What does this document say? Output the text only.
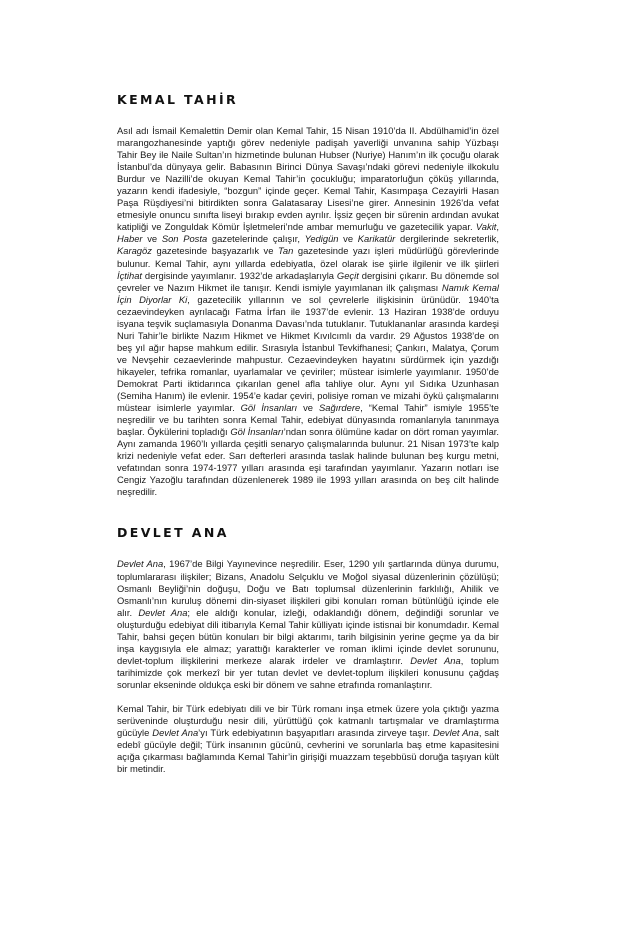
KEMAL TAHİR

Asıl adı İsmail Kemalettin Demir olan Kemal Tahir, 15 Nisan 1910’da II. Abdülhamid’in özel marangozhanesinde yaptığı görev nedeniyle padişah yaverliği unvanına sahip Yüzbaşı Tahir Bey ile Naile Sultan’ın hizmetinde bulunan Hubser (Nuriye) Hanım’ın ilk çocuğu olarak İstanbul’da dünyaya gelir. Babasının Birinci Dünya Savaşı’ndaki görevi nedeniyle ilkokulu Burdur ve Nazilli’de okuyan Kemal Tahir’in çocukluğu; imparatorluğun çöküş yıllarında, yazarın kendi ifadesiyle, “bozgun” içinde geçer. Kemal Tahir, Kasımpaşa Cezayirli Hasan Paşa Rüşdiyesi’ni bitirdikten sonra Galatasaray Lisesi’ne girer. Annesinin 1926’da vefat etmesiyle onuncu sınıfta liseyi bırakıp evden ayrılır. İşsiz geçen bir sürenin ardından avukat katipliği ve Zonguldak Kömür İşletmeleri’nde ambar memurluğu ve gazetecilik yapar. Vakit, Haber ve Son Posta gazetelerinde çalışır, Yedigün ve Karikatür dergilerinde sekreterlik, Karagöz gazetesinde başyazarlık ve Tan gazetesinde yazı işleri müdürlüğü görevlerinde bulunur. Kemal Tahir, aynı yıllarda edebiyatla, özel olarak ise şiirle ilgilenir ve ilk şiirleri İçtihat dergisinde yayımlanır. 1932’de arkadaşlarıyla Geçit dergisini çıkarır. Bu dönemde sol çevreler ve Nazım Hikmet ile tanışır. Kendi ismiyle yayımlanan ilk çalışması Namık Kemal İçin Diyorlar Ki, gazetecilik yıllarının ve sol çevrelerle ilişkisinin ürünüdür. 1940’ta cezaevindeyken ayrılacağı Fatma İrfan ile 1937’de evlenir. 13 Haziran 1938’de orduyu isyana teşvik suçlamasıyla Donanma Davası’nda tutuklanır. Tutuklananlar arasında kardeşi Nuri Tahir’le birlikte Nazım Hikmet ve Hikmet Kıvılcımlı da vardır. 29 Ağustos 1938’de on beş yıl ağır hapse mahkum edilir. Sırasıyla İstanbul Tevkifhanesi; Çankırı, Malatya, Çorum ve Nevşehir cezaevlerinde mahpustur. Cezaevindeyken hayatını sürdürmek için yazdığı hikayeler, tefrika romanlar, uyarlamalar ve çeviriler; müstear isimlerle yayımlanır. 1950’de Demokrat Parti iktidarınca çıkarılan genel afla tahliye olur. Aynı yıl Sıdıka Uzunhasan (Semiha Hanım) ile evlenir. 1954’e kadar çeviri, polisiye roman ve mizahi öykü çalışmalarını müstear isimlerle yayımlar. Göl İnsanları ve Sağırdere, “Kemal Tahir” ismiyle 1955’te neşredilir ve bu tarihten sonra Kemal Tahir, edebiyat dünyasında romanlarıyla tanınmaya başlar. Öykülerini topladığı Göl İnsanları’ndan sonra ölümüne kadar on dört roman yayımlar. Aynı zamanda 1960’lı yıllarda çeşitli senaryo çalışmalarında bulunur. 21 Nisan 1973’te kalp krizi nedeniyle vefat eder. Sarı defterleri arasında taslak halinde bulunan beş kurgu metni, vefatından sonra 1974-1977 yılları arasında eşi tarafından yayımlanır. Yazarın notları ise Cengiz Yazoğlu tarafından düzenlenerek 1989 ile 1993 yılları arasında on beş cilt halinde neşredilir.

DEVLET ANA

Devlet Ana, 1967’de Bilgi Yayınevince neşredilir. Eser, 1290 yılı şartlarında dünya durumu, toplumlararası ilişkiler; Bizans, Anadolu Selçuklu ve Moğol siyasal düzenlerinin çözülüşü; Osmanlı Beyliği’nin doğuşu, Doğu ve Batı toplumsal düzenlerinin farklılığı, Ahilik ve Osmanlı’nın kuruluş dönemi din-siyaset ilişkileri gibi konuları roman bütünlüğü içinde ele alır. Devlet Ana; ele aldığı konular, izleği, odaklandığı dönem, değindiği sorunlar ve oluşturduğu edebiyat dili itibarıyla Kemal Tahir külliyatı içinde istisnai bir konumdadır. Kemal Tahir, bahsi geçen bütün konuları bir bilgi aktarımı, tarih bilgisinin yerine geçme ya da bir inşa kaygısıyla ele almaz; yarattığı karakterler ve roman iklimi içinde devlet sorununu, devlet-toplum ilişkilerini merkeze alarak irdeler ve dramlaştırır. Devlet Ana, toplum tarihimizde çok merkezî bir yer tutan devlet ve devlet-toplum ilişkileri konusunu çağdaş sorunlar ekseninde oldukça eski bir dönem ve sahne etrafında romanlaştırır.

Kemal Tahir, bir Türk edebiyatı dili ve bir Türk romanı inşa etmek üzere yola çıktığı yazma serüveninde oluşturduğu nesir dili, yürüttüğü çok katmanlı tartışmalar ve dramlaştırma gücüyle Devlet Ana’yı Türk edebiyatının başyapıtları arasında zirveye taşır. Devlet Ana, salt edebî gücüyle değil; Türk insanının gücünü, cevherini ve sorunlarla baş etme kapasitesini açığa çıkarması bağlamında Kemal Tahir’in girişiği muazzam teşebbüsü doruğa taşıyan kült bir metindir.
